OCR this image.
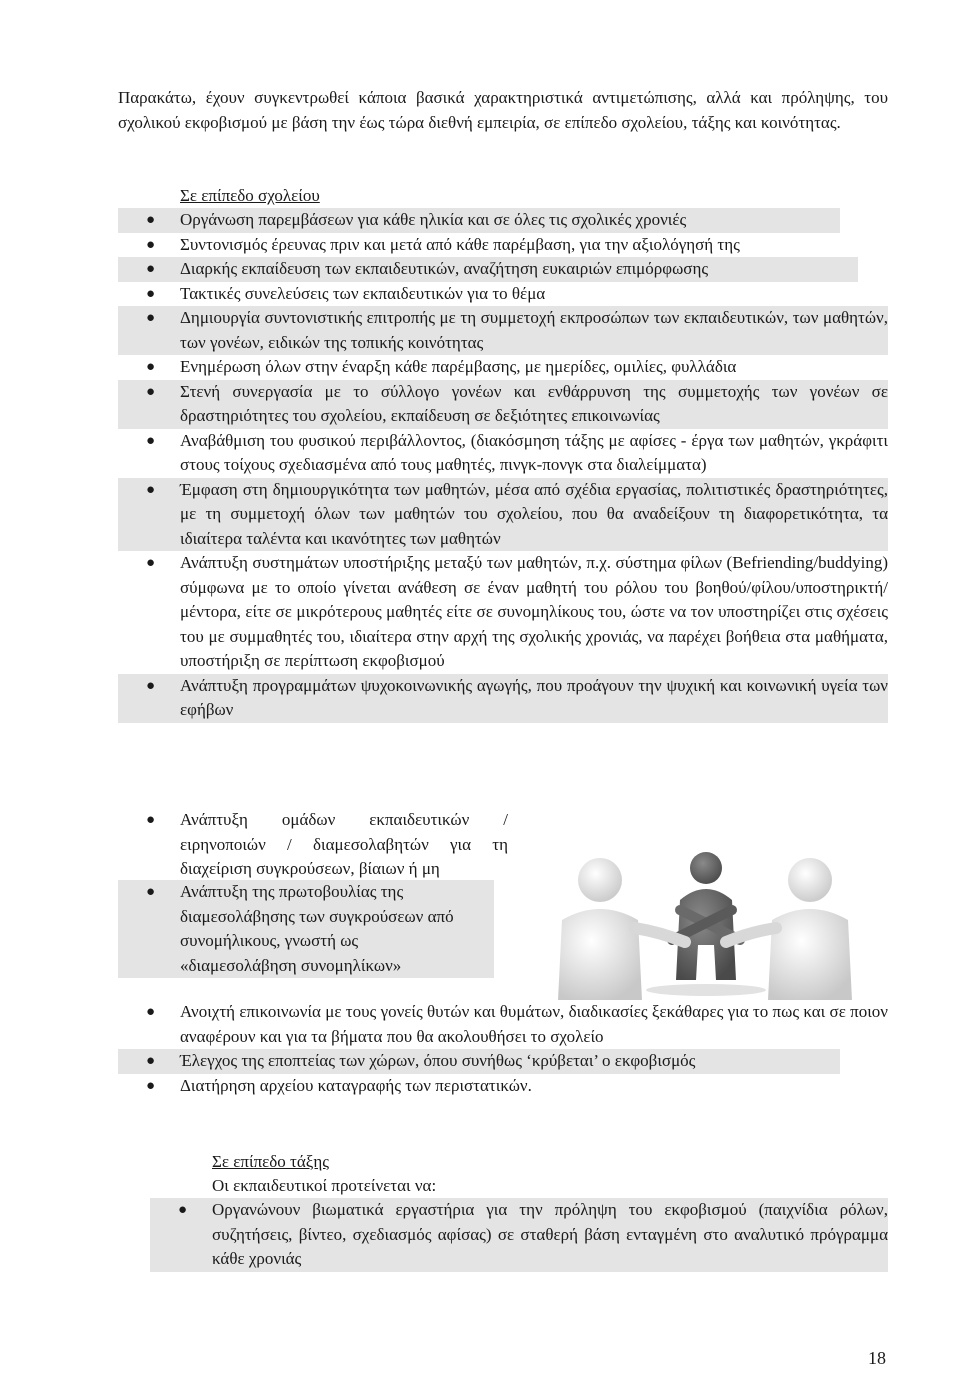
Παρακάτω, έχουν συγκεντρωθεί κάποια βασικά χαρακτηριστικά αντιμετώπισης, αλλά και πρόληψης, του σχολικού εκφοβισμού με βάση την έως τώρα διεθνή εμπειρία, σε επίπεδο σχολείου, τάξης και κοινότητας.
Σε επίπεδο σχολείου
● Οργάνωση παρεμβάσεων για κάθε ηλικία και σε όλες τις σχολικές χρονιές
● Συντονισμός έρευνας πριν και μετά από κάθε παρέμβαση, για την αξιολόγησή της
● Διαρκής εκπαίδευση των εκπαιδευτικών, αναζήτηση ευκαιριών επιμόρφωσης
● Τακτικές συνελεύσεις των εκπαιδευτικών για το θέμα
● Δημιουργία συντονιστικής επιτροπής με τη συμμετοχή εκπροσώπων των εκπαιδευτικών, των μαθητών, των γονέων, ειδικών της τοπικής κοινότητας
● Ενημέρωση όλων στην έναρξη κάθε παρέμβασης, με ημερίδες, ομιλίες, φυλλάδια
● Στενή συνεργασία με το σύλλογο γονέων και ενθάρρυνση της συμμετοχής των γονέων σε δραστηριότητες του σχολείου, εκπαίδευση σε δεξιότητες επικοινωνίας
● Αναβάθμιση του φυσικού περιβάλλοντος, (διακόσμηση τάξης με αφίσες - έργα των μαθητών, γκράφιτι στους τοίχους σχεδιασμένα από τους μαθητές, πινγκ-πονγκ στα διαλείμματα)
● Έμφαση στη δημιουργικότητα των μαθητών, μέσα από σχέδια εργασίας, πολιτιστικές δραστηριότητες, με τη συμμετοχή όλων των μαθητών του σχολείου, που θα αναδείξουν τη διαφορετικότητα, τα ιδιαίτερα ταλέντα και ικανότητες των μαθητών
● Ανάπτυξη συστημάτων υποστήριξης μεταξύ των μαθητών, π.χ. σύστημα φίλων (Befriending/buddying) σύμφωνα με το οποίο γίνεται ανάθεση σε έναν μαθητή του ρόλου του βοηθού/φίλου/υποστηρικτή/μέντορα, είτε σε μικρότερους μαθητές είτε σε συνομηλίκους του, ώστε να τον υποστηρίζει στις σχέσεις του με συμμαθητές του, ιδιαίτερα στην αρχή της σχολικής χρονιάς, να παρέχει βοήθεια στα μαθήματα, υποστήριξη σε περίπτωση εκφοβισμού
● Ανάπτυξη προγραμμάτων ψυχοκοινωνικής αγωγής, που προάγουν την ψυχική και κοινωνική υγεία των εφήβων
● Ανάπτυξη ομάδων εκπαιδευτικών / ειρηνοποιών / διαμεσολαβητών για τη διαχείριση συγκρούσεων, βίαιων ή μη
● Ανάπτυξη της πρωτοβουλίας της διαμεσολάβησης των συγκρούσεων από συνομήλικους, γνωστή ως «διαμεσολάβηση συνομηλίκων»
● Ανοιχτή επικοινωνία με τους γονείς θυτών και θυμάτων, διαδικασίες ξεκάθαρες για το πως και σε ποιον αναφέρουν και για τα βήματα που θα ακολουθήσει το σχολείο
● Έλεγχος της εποπτείας των χώρων, όπου συνήθως ‘κρύβεται’ ο εκφοβισμός
● Διατήρηση αρχείου καταγραφής των περιστατικών.
Σε επίπεδο τάξης
Οι εκπαιδευτικοί προτείνεται να:
● Οργανώνουν βιωματικά εργαστήρια για την πρόληψη του εκφοβισμού (παιχνίδια ρόλων, συζητήσεις, βίντεο, σχεδιασμός αφίσας) σε σταθερή βάση ενταγμένη στο αναλυτικό πρόγραμμα κάθε χρονιάς
18
